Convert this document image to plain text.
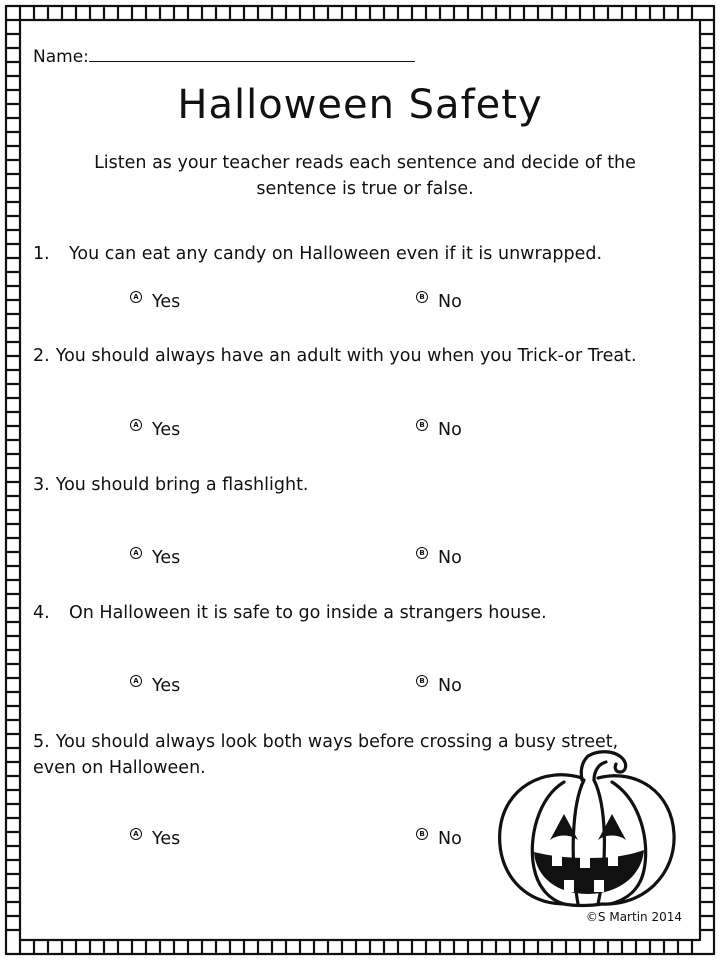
Name:
Halloween Safety
Listen as your teacher reads each sentence and decide of the sentence is true or false.
1. You can eat any candy on Halloween even if it is unwrapped.
A Yes	B No
2. You should always have an adult with you when you Trick-or Treat.
A Yes	B No
3. You should bring a flashlight.
A Yes	B No
4. On Halloween it is safe to go inside a strangers house.
A Yes	B No
5. You should always look both ways before crossing a busy street, even on Halloween.
A Yes	B No
©S Martin 2014
